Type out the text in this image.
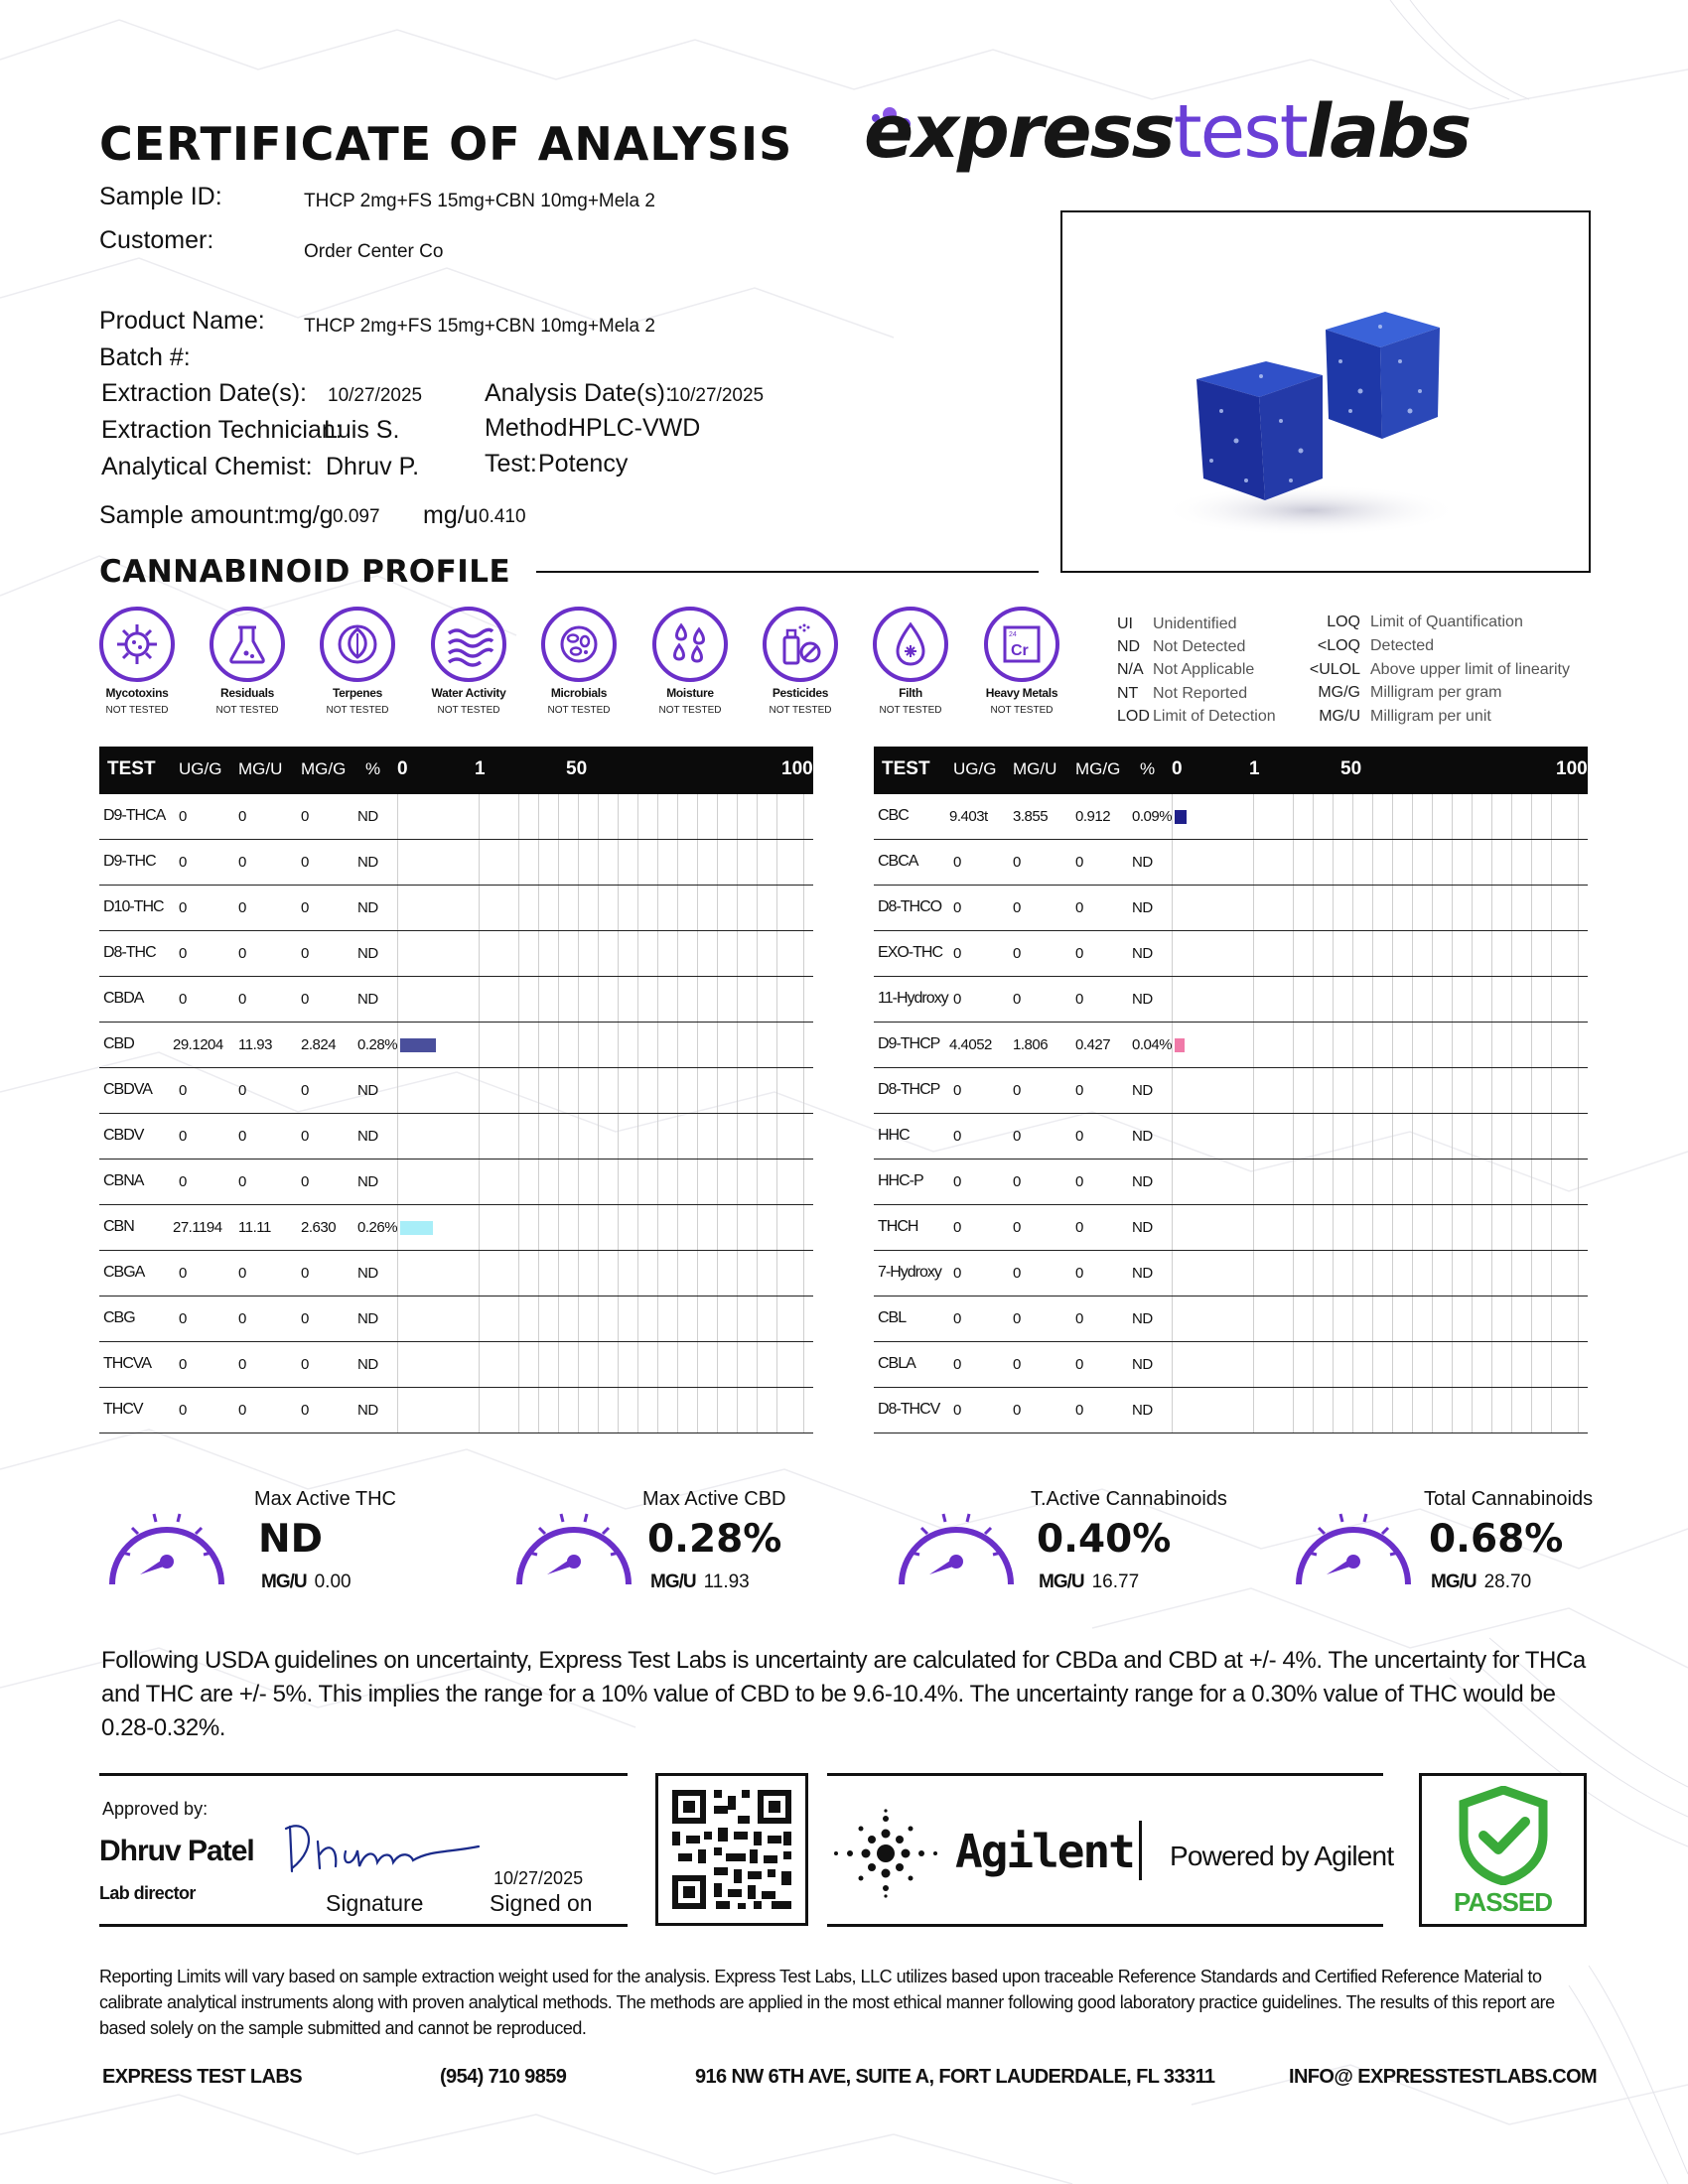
CERTIFICATE OF ANALYSIS expresstestlabs
Sample ID:	THCP 2mg+FS 15mg+CBN 10mg+Mela 2
Customer:	Order Center Co
Product Name: THCP 2mg+FS 15mg+CBN 10mg+Mela 2
Batch #:
Extraction Date(s): 10/27/2025	Analysis Date(s):
10/27/2025
Extraction Technician:
Luis S.	Method:
HPLC-VWD
Analytical Chemist: Dhruv P.	Test: Potency
Sample amount:
mg/g 0.097 mg/u 0.410
CANNABINOID PROFILE
Mycotoxins
NOT TESTED
Residuals
NOT TESTED
Terpenes
NOT TESTED
Water Activity
NOT TESTED
Microbials
NOT TESTED
Moisture
NOT TESTED
Pesticides
NOT TESTED
Filth
NOT TESTED
24
Cr
Heavy Metals
NOT TESTED
UI Unidentified
ND Not Detected
N/A Not Applicable
NT Not Reported
LOD Limit of Detection
LOQ Limit of Quantification
<LOQ Detected
<ULOL Above upper limit of linearity
MG/G Milligram per gram
MG/U Milligram per unit
TEST UG/G MG/U MG/G % 0	1	50	100
D9-THCA 0	0	0	ND
D9-THC 0	0	0	ND
D10-THC 0	0	0	ND
D8-THC 0	0	0	ND
CBDA 0	0	0	ND
CBD	29.1204 11.93 2.824 0.28%
CBDVA 0	0	0	ND
CBDV 0	0	0	ND
CBNA 0	0	0	ND
CBN	27.1194 11.11 2.630 0.26%
CBGA 0	0	0	ND
CBG	0	0	0	ND
THCVA 0	0	0	ND
THCV 0	0	0	ND
TEST UG/G MG/U MG/G % 0	1	50	100
CBC	9.403t 3.855 0.912 0.09%
CBCA 0	0	0	ND
D8-THCO 0	0	0	ND
EXO-THC 0	0	0	ND
11-Hydroxy 0	0	0	ND
D9-THCP 4.4052 1.806 0.427 0.04%
D8-THCP 0	0	0	ND
HHC	0	0	0	ND
HHC-P 0	0	0	ND
THCH 0	0	0	ND
7-Hydroxy 0	0	0	ND
CBL	0	0	0	ND
CBLA	0	0	0	ND
D8-THCV 0	0	0	ND
Max Active THC
ND
MG/U 0.00
Max Active CBD
0.28%
MG/U 11.93
T.Active Cannabinoids
0.40%
MG/U 16.77
Total Cannabinoids
0.68%
MG/U 28.70
Following USDA guidelines on uncertainty, Express Test Labs is uncertainty are calculated for CBDa and CBD at +/- 4%. The uncertainty for THCa and THC are +/- 5%. This implies the range for a 10% value of CBD to be 9.6-10.4%. The uncertainty range for a 0.30% value of THC would be 0.28-0.32%.
Approved by:
Dhruv Patel
Lab director	Signature
10/27/2025
Signed on
Agilent Powered by Agilent
PASSED
Reporting Limits will vary based on sample extraction weight used for the analysis. Express Test Labs, LLC utilizes based upon traceable Reference Standards and Certified Reference Material to calibrate analytical instruments along with proven analytical methods. The methods are applied in the most ethical manner following good laboratory practice guidelines. The results of this report are based solely on the sample submitted and cannot be reproduced.
EXPRESS TEST LABS	(954) 710 9859	916 NW 6TH AVE, SUITE A, FORT LAUDERDALE, FL 33311	INFO@ EXPRESSTESTLABS.COM
